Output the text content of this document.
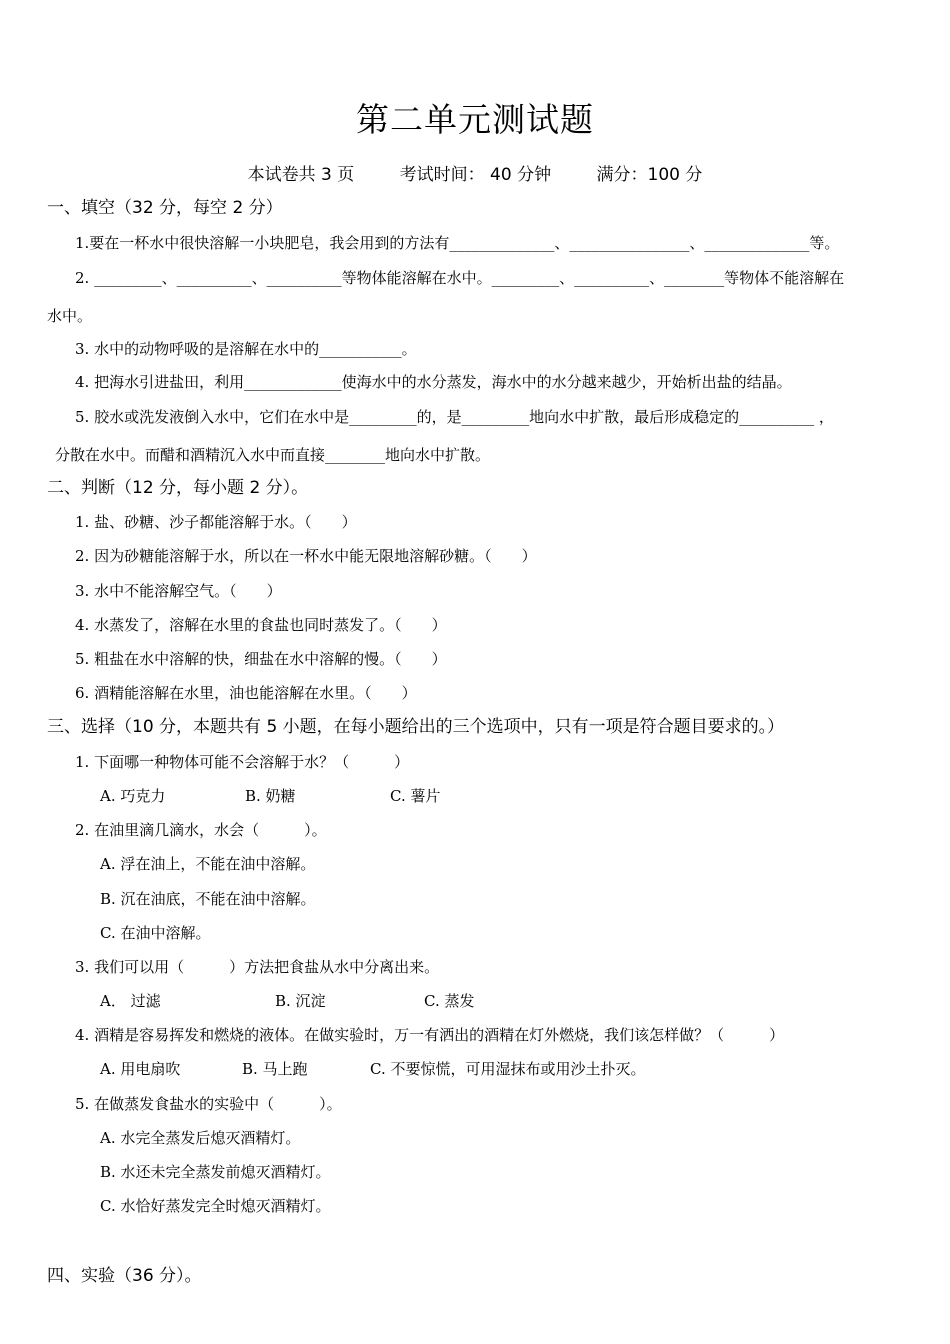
第二单元测试题
本试卷共 3 页	考试时间： 40 分钟	满分：100 分
一、填空（32 分，每空 2 分）
1.要在一杯水中很快溶解一小块肥皂，我会用到的方法有______________、________________、______________等。
2. _________、__________、__________等物体能溶解在水中。_________、__________、________等物体不能溶解在
水中。
3. 水中的动物呼吸的是溶解在水中的___________。
4. 把海水引进盐田，利用_____________使海水中的水分蒸发，海水中的水分越来越少，开始析出盐的结晶。
5. 胶水或洗发液倒入水中，它们在水中是_________的，是_________地向水中扩散，最后形成稳定的__________ ，
分散在水中。而醋和酒精沉入水中而直接________地向水中扩散。
二、判断（12 分，每小题 2 分）。
1. 盐、砂糖、沙子都能溶解于水。（　　）
2. 因为砂糖能溶解于水，所以在一杯水中能无限地溶解砂糖。（　　）
3. 水中不能溶解空气。（　　）
4. 水蒸发了，溶解在水里的食盐也同时蒸发了。（　　）
5. 粗盐在水中溶解的快，细盐在水中溶解的慢。（　　）
6. 酒精能溶解在水里，油也能溶解在水里。（　　）
三、选择（10 分，本题共有 5 小题，在每小题给出的三个选项中，只有一项是符合题目要求的。）
1. 下面哪一种物体可能不会溶解于水？（　　　）
A. 巧克力	B. 奶糖	C. 薯片
2. 在油里滴几滴水，水会（　　　）。
A. 浮在油上，不能在油中溶解。
B. 沉在油底，不能在油中溶解。
C. 在油中溶解。
3. 我们可以用（　　　）方法把食盐从水中分离出来。
A． 过滤	B. 沉淀	C. 蒸发
4. 酒精是容易挥发和燃烧的液体。在做实验时，万一有洒出的酒精在灯外燃烧，我们该怎样做？（　　　）
A. 用电扇吹	B. 马上跑	C. 不要惊慌，可用湿抹布或用沙土扑灭。
5. 在做蒸发食盐水的实验中（　　　）。
A. 水完全蒸发后熄灭酒精灯。
B. 水还未完全蒸发前熄灭酒精灯。
C. 水恰好蒸发完全时熄灭酒精灯。
四、实验（36 分）。
